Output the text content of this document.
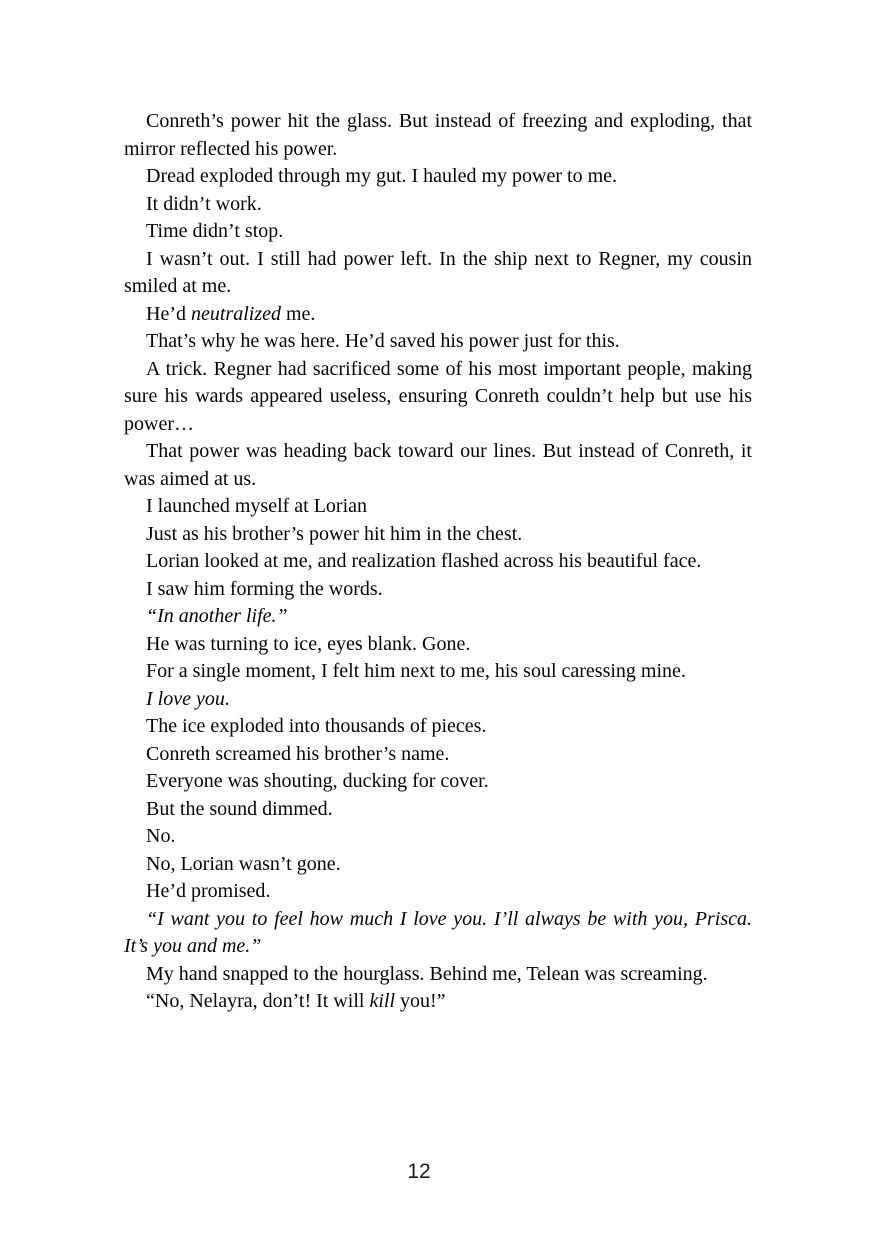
Conreth’s power hit the glass. But instead of freezing and exploding, that mirror reflected his power.

Dread exploded through my gut. I hauled my power to me.

It didn’t work.

Time didn’t stop.

I wasn’t out. I still had power left. In the ship next to Regner, my cousin smiled at me.

He’d neutralized me.

That’s why he was here. He’d saved his power just for this.

A trick. Regner had sacrificed some of his most important people, making sure his wards appeared useless, ensuring Conreth couldn’t help but use his power…

That power was heading back toward our lines. But instead of Conreth, it was aimed at us.

I launched myself at Lorian

Just as his brother’s power hit him in the chest.

Lorian looked at me, and realization flashed across his beautiful face.

I saw him forming the words.

“In another life.”

He was turning to ice, eyes blank. Gone.

For a single moment, I felt him next to me, his soul caressing mine.

I love you.

The ice exploded into thousands of pieces.

Conreth screamed his brother’s name.

Everyone was shouting, ducking for cover.

But the sound dimmed.

No.

No, Lorian wasn’t gone.

He’d promised.

“I want you to feel how much I love you. I’ll always be with you, Prisca. It’s you and me.”

My hand snapped to the hourglass. Behind me, Telean was screaming.

“No, Nelayra, don’t! It will kill you!”

12
